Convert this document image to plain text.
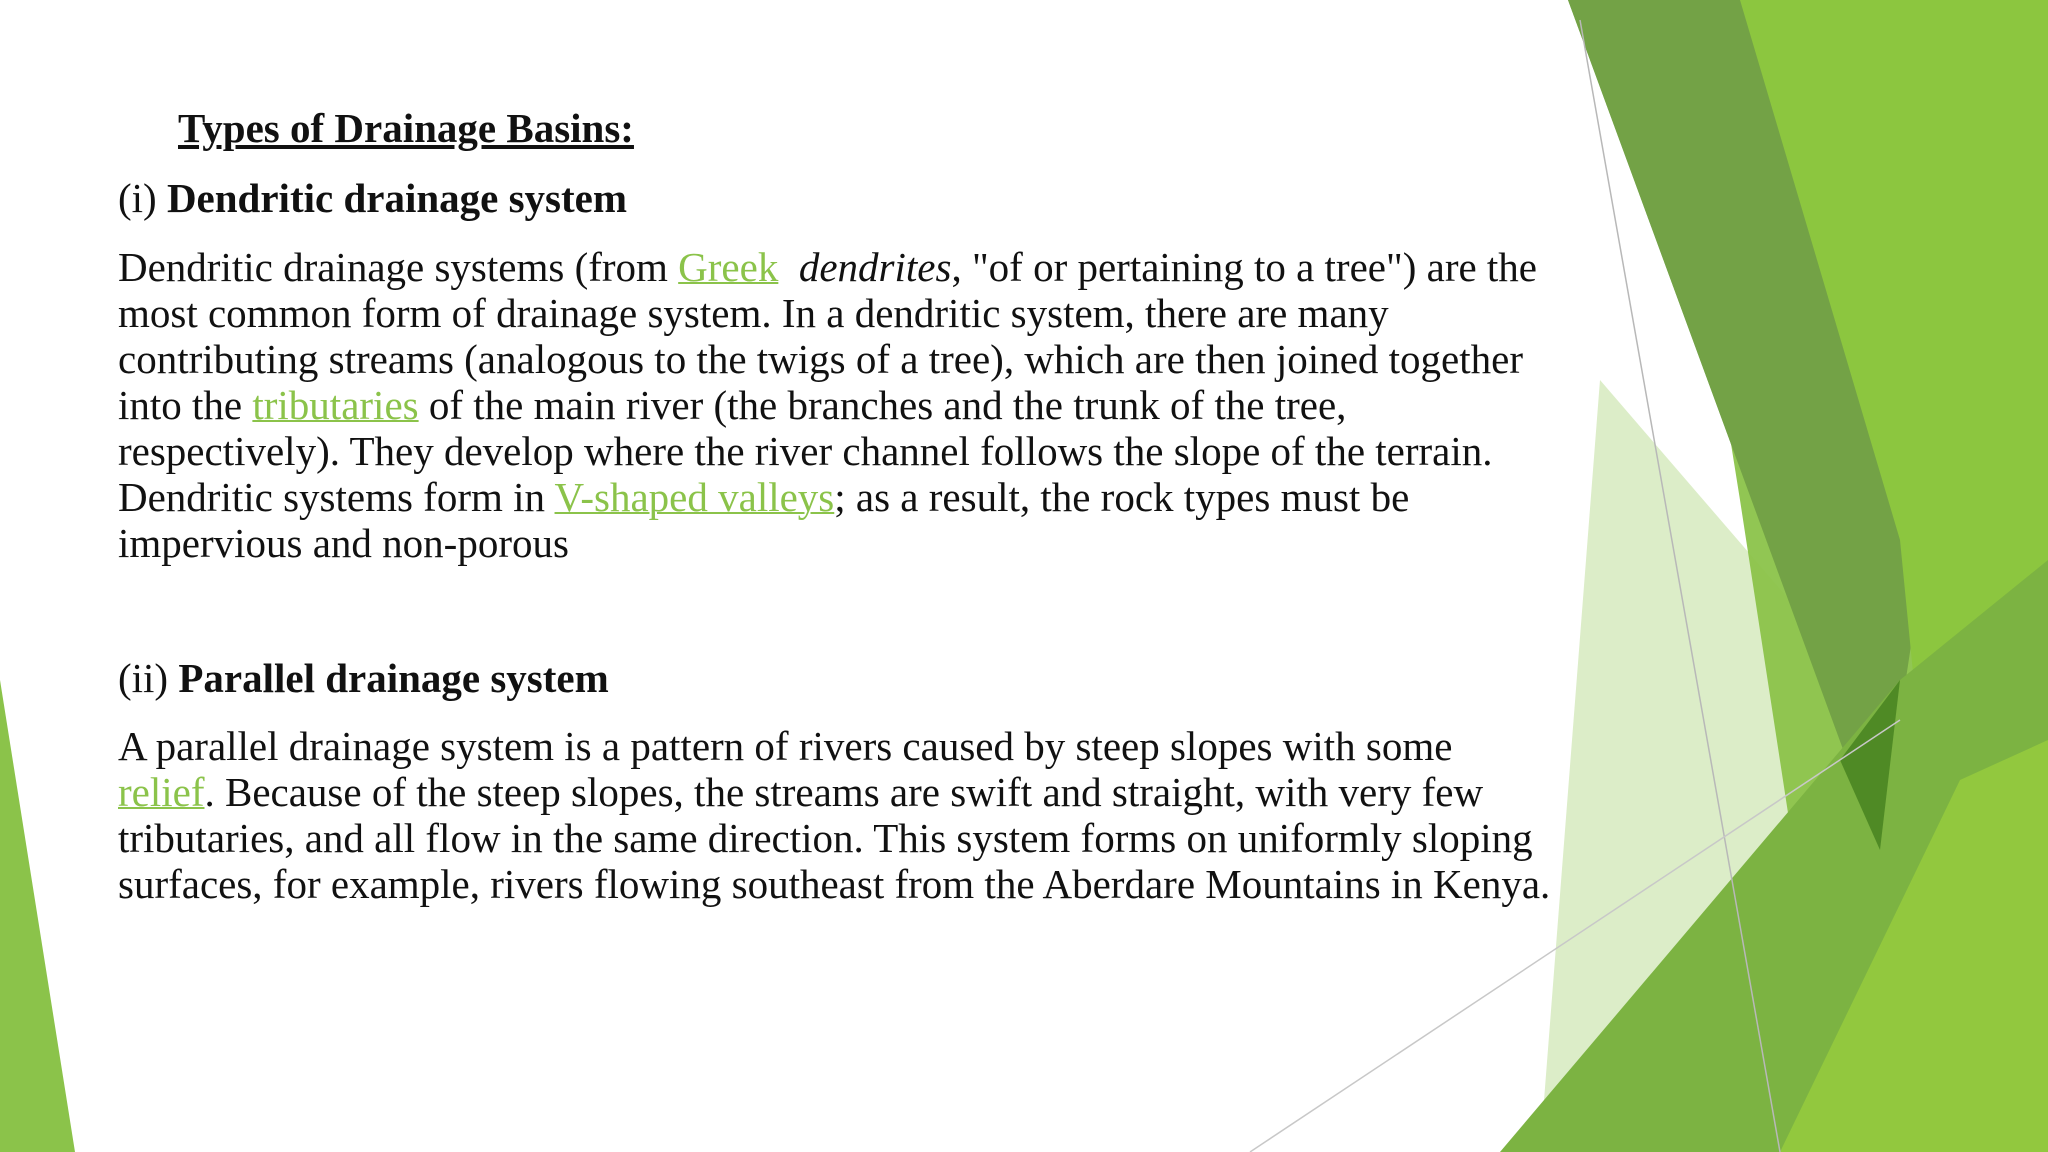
Types of Drainage Basins:

(i) Dendritic drainage system

Dendritic drainage systems (from Greek dendrites, "of or pertaining to a tree") are the most common form of drainage system. In a dendritic system, there are many contributing streams (analogous to the twigs of a tree), which are then joined together into the tributaries of the main river (the branches and the trunk of the tree, respectively). They develop where the river channel follows the slope of the terrain. Dendritic systems form in V-shaped valleys; as a result, the rock types must be impervious and non-porous

(ii) Parallel drainage system

A parallel drainage system is a pattern of rivers caused by steep slopes with some relief. Because of the steep slopes, the streams are swift and straight, with very few tributaries, and all flow in the same direction. This system forms on uniformly sloping surfaces, for example, rivers flowing southeast from the Aberdare Mountains in Kenya.
